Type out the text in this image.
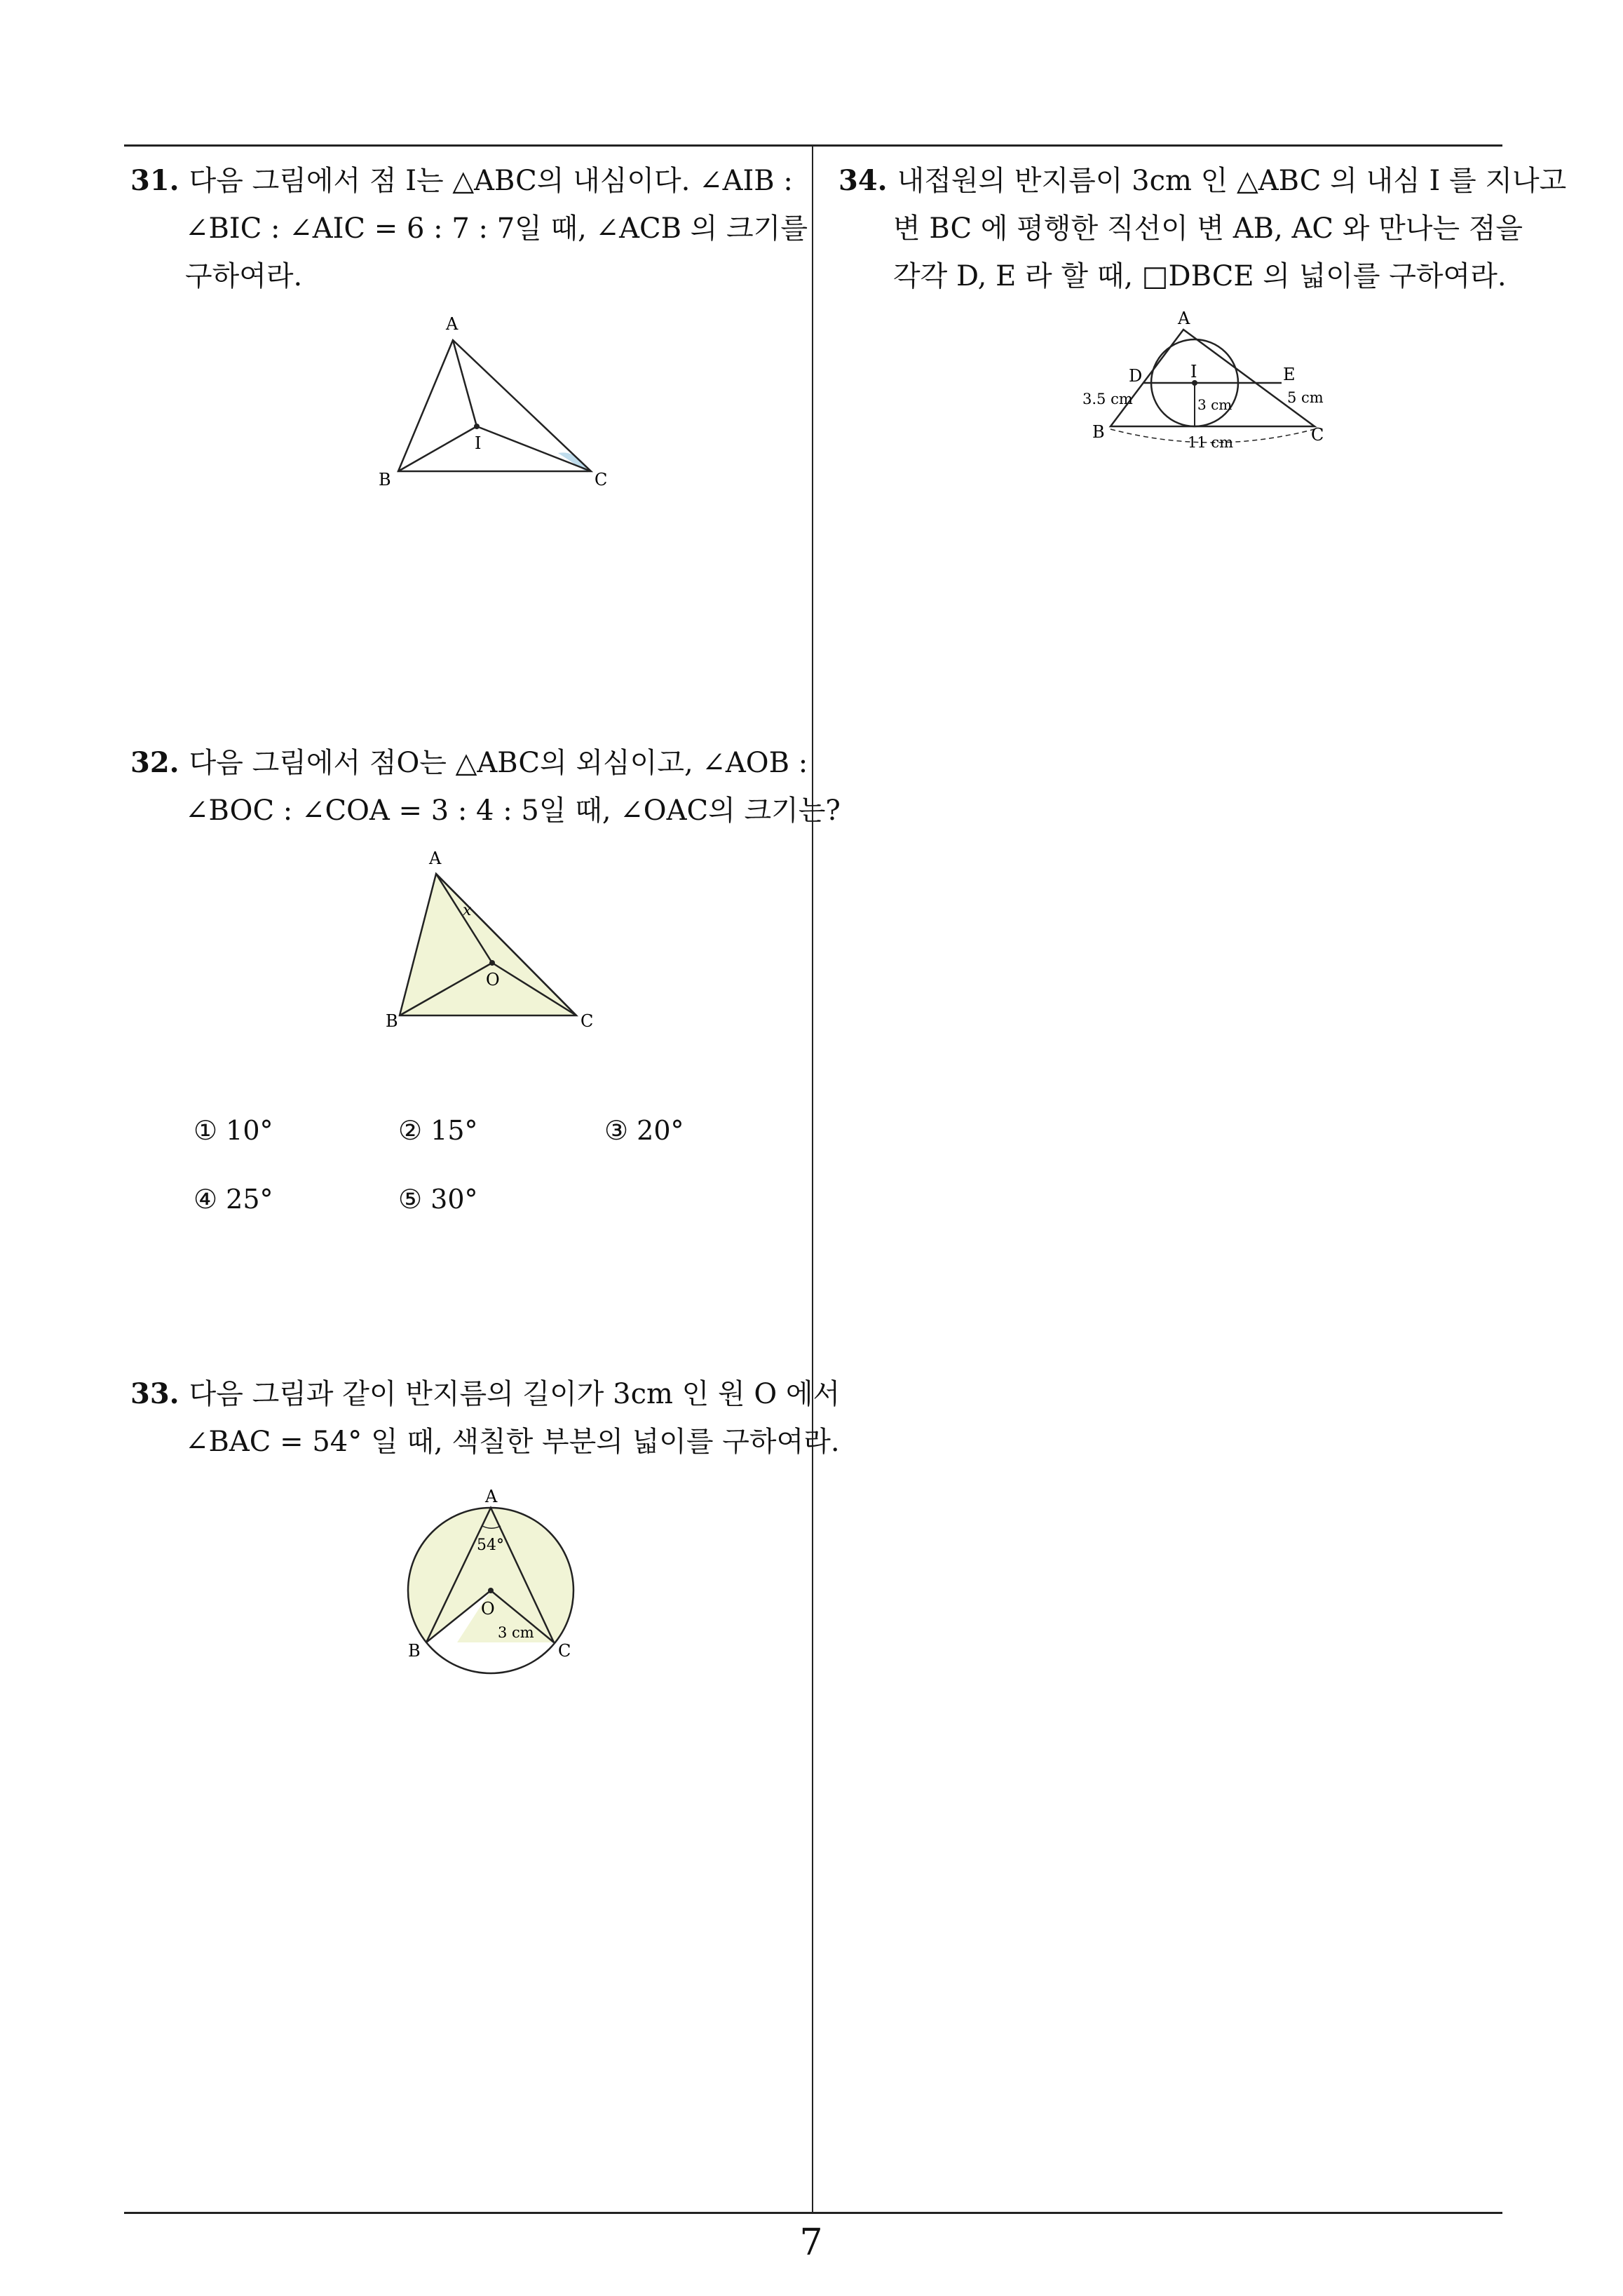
31. 다음 그림에서 점 I는 △ABC의 내심이다. ∠AIB :
∠BIC : ∠AIC = 6 : 7 : 7일 때, ∠ACB 의 크기를
구하여라.
A
B	C
I
32. 다음 그림에서 점O는 △ABC의 외심이고, ∠AOB :
∠BOC : ∠COA = 3 : 4 : 5일 때, ∠OAC의 크기는?
A
B	C
O
x
① 10°	② 15°	③ 20°
④ 25°	⑤ 30°
33. 다음 그림과 같이 반지름의 길이가 3cm 인 원 O 에서
∠BAC = 54° 일 때, 색칠한 부분의 넓이를 구하여라.
A
B	C
O
54°
3 cm
34. 내접원의 반지름이 3cm 인 △ABC 의 내심 I 를 지나고
변 BC 에 평행한 직선이 변 AB, AC 와 만나는 점을
각각 D, E 라 할 때, □DBCE 의 넓이를 구하여라.
A
B	C
D	E
I
3.5 cm	5 cm
3 cm
11 cm
7
